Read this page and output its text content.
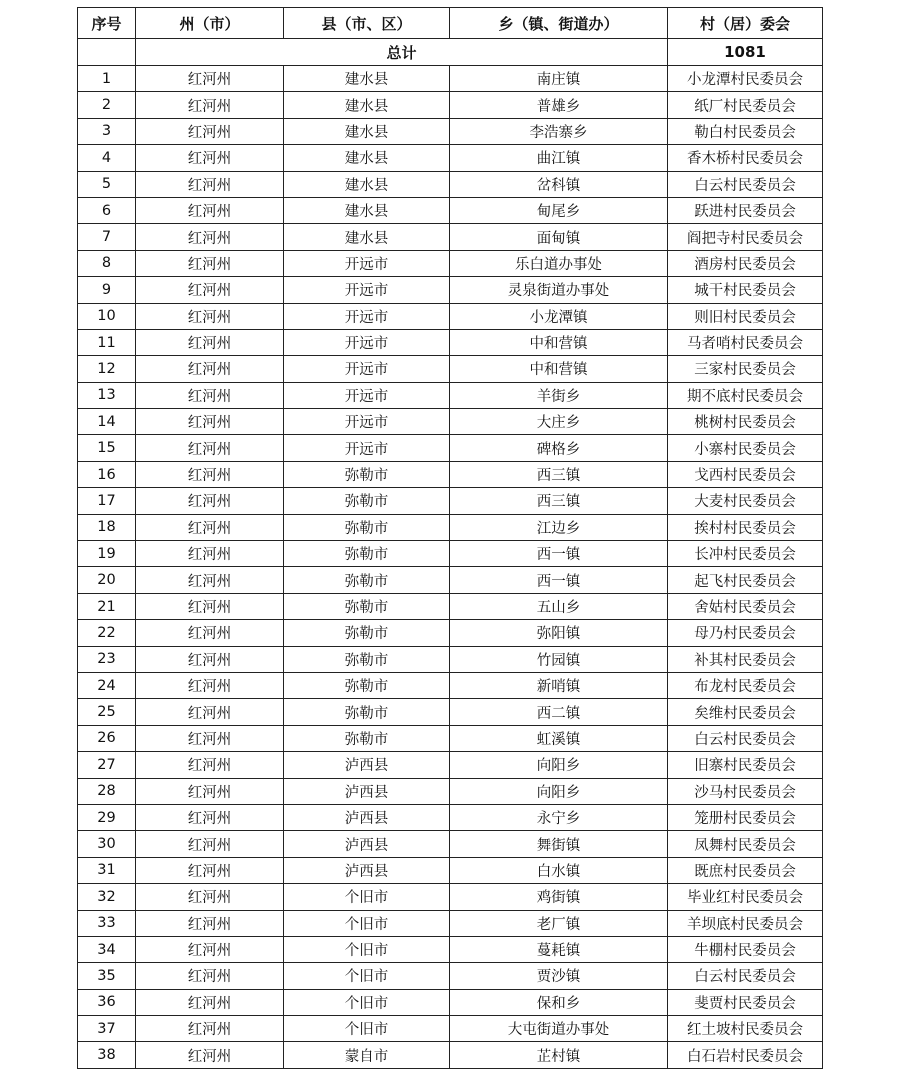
序号	州（市）	县（市、区）	乡（镇、街道办）	村（居）委会
	总计			1081
1	红河州	建水县	南庄镇	小龙潭村民委员会
2	红河州	建水县	普雄乡	纸厂村民委员会
3	红河州	建水县	李浩寨乡	勒白村民委员会
4	红河州	建水县	曲江镇	香木桥村民委员会
5	红河州	建水县	岔科镇	白云村民委员会
6	红河州	建水县	甸尾乡	跃进村民委员会
7	红河州	建水县	面甸镇	阎把寺村民委员会
8	红河州	开远市	乐白道办事处	酒房村民委员会
9	红河州	开远市	灵泉街道办事处	城干村民委员会
10	红河州	开远市	小龙潭镇	则旧村民委员会
11	红河州	开远市	中和营镇	马者哨村民委员会
12	红河州	开远市	中和营镇	三家村民委员会
13	红河州	开远市	羊街乡	期不底村民委员会
14	红河州	开远市	大庄乡	桃树村民委员会
15	红河州	开远市	碑格乡	小寨村民委员会
16	红河州	弥勒市	西三镇	戈西村民委员会
17	红河州	弥勒市	西三镇	大麦村民委员会
18	红河州	弥勒市	江边乡	挨村村民委员会
19	红河州	弥勒市	西一镇	长冲村民委员会
20	红河州	弥勒市	西一镇	起飞村民委员会
21	红河州	弥勒市	五山乡	舍姑村民委员会
22	红河州	弥勒市	弥阳镇	母乃村民委员会
23	红河州	弥勒市	竹园镇	补其村民委员会
24	红河州	弥勒市	新哨镇	布龙村民委员会
25	红河州	弥勒市	西二镇	矣维村民委员会
26	红河州	弥勒市	虹溪镇	白云村民委员会
27	红河州	泸西县	向阳乡	旧寨村民委员会
28	红河州	泸西县	向阳乡	沙马村民委员会
29	红河州	泸西县	永宁乡	笼册村民委员会
30	红河州	泸西县	舞街镇	凤舞村民委员会
31	红河州	泸西县	白水镇	既庶村民委员会
32	红河州	个旧市	鸡街镇	毕业红村民委员会
33	红河州	个旧市	老厂镇	羊坝底村民委员会
34	红河州	个旧市	蔓耗镇	牛棚村民委员会
35	红河州	个旧市	贾沙镇	白云村民委员会
36	红河州	个旧市	保和乡	斐贾村民委员会
37	红河州	个旧市	大屯街道办事处	红土坡村民委员会
38	红河州	蒙自市	芷村镇	白石岩村民委员会
